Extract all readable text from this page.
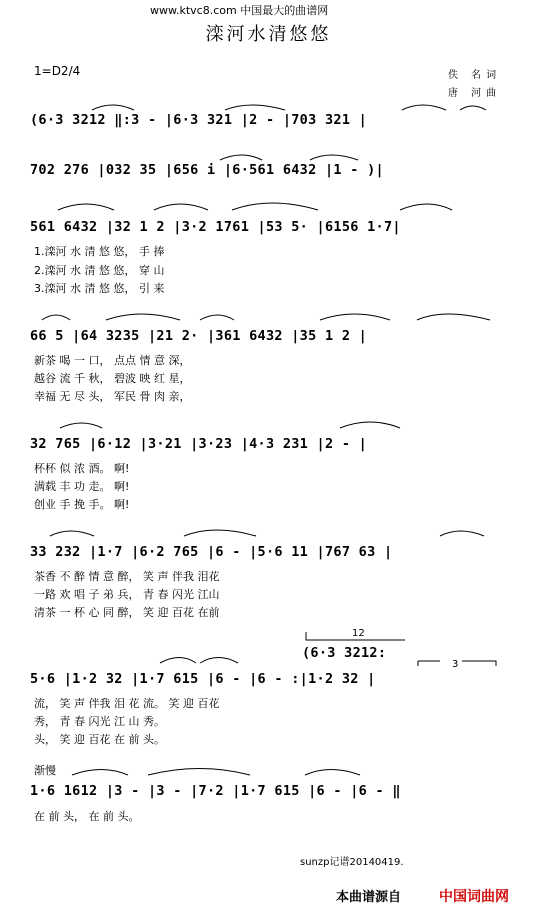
www.ktvc8.com 中国最大的曲谱网
滦河水清悠悠
1=D2/4	佚 名词
唐 河曲
(6·3 3212 ‖:3 - |6·3 321 |2 - |703 321 |
702 276 |032 35 |656 i |6·561 6432 |1 - )|
561 6432 |32 1 2 |3·2 1761 |53 5· |6156 1·7|
1.滦河 水 清 悠 悠， 手 捧
2.滦河 水 清 悠 悠， 穿 山
3.滦河 水 清 悠 悠， 引 来
66 5 |64 3235 |21 2· |361 6432 |35 1 2 |
新茶 喝 一 口， 点点 情 意 深，
越谷 流 千 秋， 碧波 映 红 星，
幸福 无 尽 头， 军民 骨 肉 亲，
32 765 |6·12 |3·21 |3·23 |4·3 231 |2 - |
杯杯 似 浓 酒。 啊!
满载 丰 功 走。 啊!
创业 手 挽 手。 啊!
33 232 |1·7 |6·2 765 |6 - |5·6 11 |767 63 |
茶香 不 醉 情 意 醉， 笑 声 伴我 泪花
一路 欢 唱 子 弟 兵， 青 春 闪光 江山
清茶 一 杯 心 同 醉， 笑 迎 百花 在前
12
(6·3 3212:
3
5·6 |1·2 32 |1·7 615 |6 - |6 - :|1·2 32 |
流， 笑 声 伴我 泪 花 流。 笑 迎 百花
秀， 青 春 闪光 江 山 秀。
头， 笑 迎 百花 在 前 头。
渐慢
1·6 1612 |3 - |3 - |7·2 |1·7 615 |6 - |6 - ‖
在 前 头， 在 前 头。
sunzp记谱20140419.
本曲谱源自	中国词曲网
